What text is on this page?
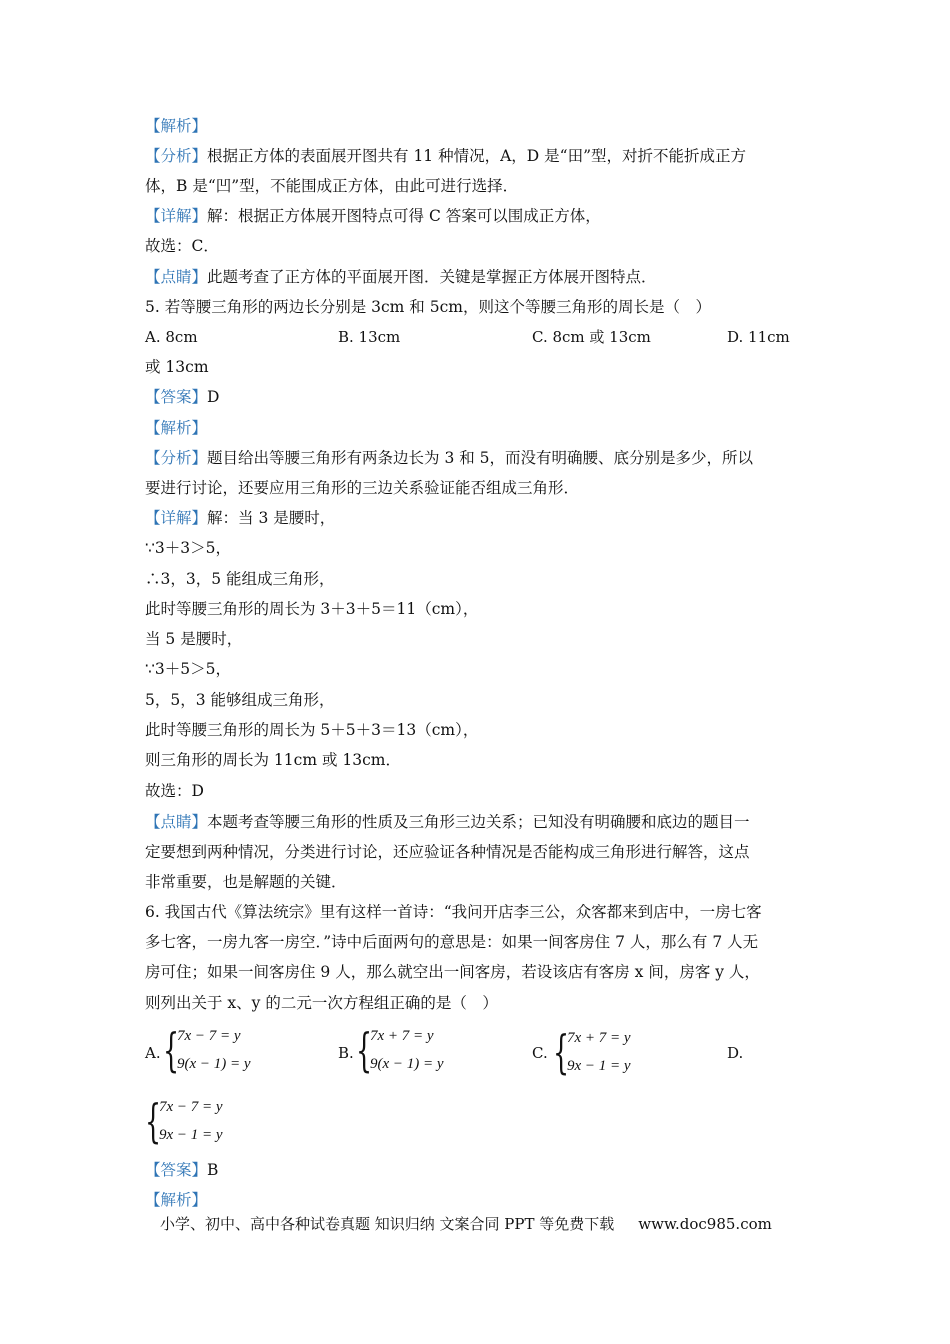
【解析】
【分析】根据正方体的表面展开图共有 11 种情况，A，D 是“田”型，对折不能折成正方
体，B 是“凹”型，不能围成正方体，由此可进行选择．
【详解】解：根据正方体展开图特点可得 C 答案可以围成正方体，
故选：C．
【点睛】此题考查了正方体的平面展开图．关键是掌握正方体展开图特点．
5. 若等腰三角形的两边长分别是 3cm 和 5cm，则这个等腰三角形的周长是（　）
A. 8cm	B. 13cm	C. 8cm 或 13cm	D. 11cm
或 13cm
【答案】D
【解析】
【分析】题目给出等腰三角形有两条边长为 3 和 5，而没有明确腰、底分别是多少，所以
要进行讨论，还要应用三角形的三边关系验证能否组成三角形．
【详解】解：当 3 是腰时，
∵3＋3＞5，
∴3，3，5 能组成三角形，
此时等腰三角形的周长为 3＋3＋5＝11（cm），
当 5 是腰时，
∵3＋5＞5，
5，5，3 能够组成三角形，
此时等腰三角形的周长为 5＋5＋3＝13（cm），
则三角形的周长为 11cm 或 13cm．
故选：D
【点睛】本题考查等腰三角形的性质及三角形三边关系；已知没有明确腰和底边的题目一
定要想到两种情况，分类进行讨论，还应验证各种情况是否能构成三角形进行解答，这点
非常重要，也是解题的关键．
6. 我国古代《算法统宗》里有这样一首诗：“我问开店李三公，众客都来到店中，一房七客
多七客，一房九客一房空．”诗中后面两句的意思是：如果一间客房住 7 人，那么有 7 人无
房可住；如果一间客房住 9 人，那么就空出一间客房，若设该店有客房 x 间，房客 y 人，
则列出关于 x、y 的二元一次方程组正确的是（　）
A. {
7x − 7 = y
9(x − 1) = y
B. {
7x + 7 = y
9(x − 1) = y
C. {
7x + 7 = y
9x − 1 = y
D.
{
7x − 7 = y
9x − 1 = y
【答案】B
【解析】
小学、初中、高中各种试卷真题 知识归纳 文案合同 PPT 等免费下载 www.doc985.com
